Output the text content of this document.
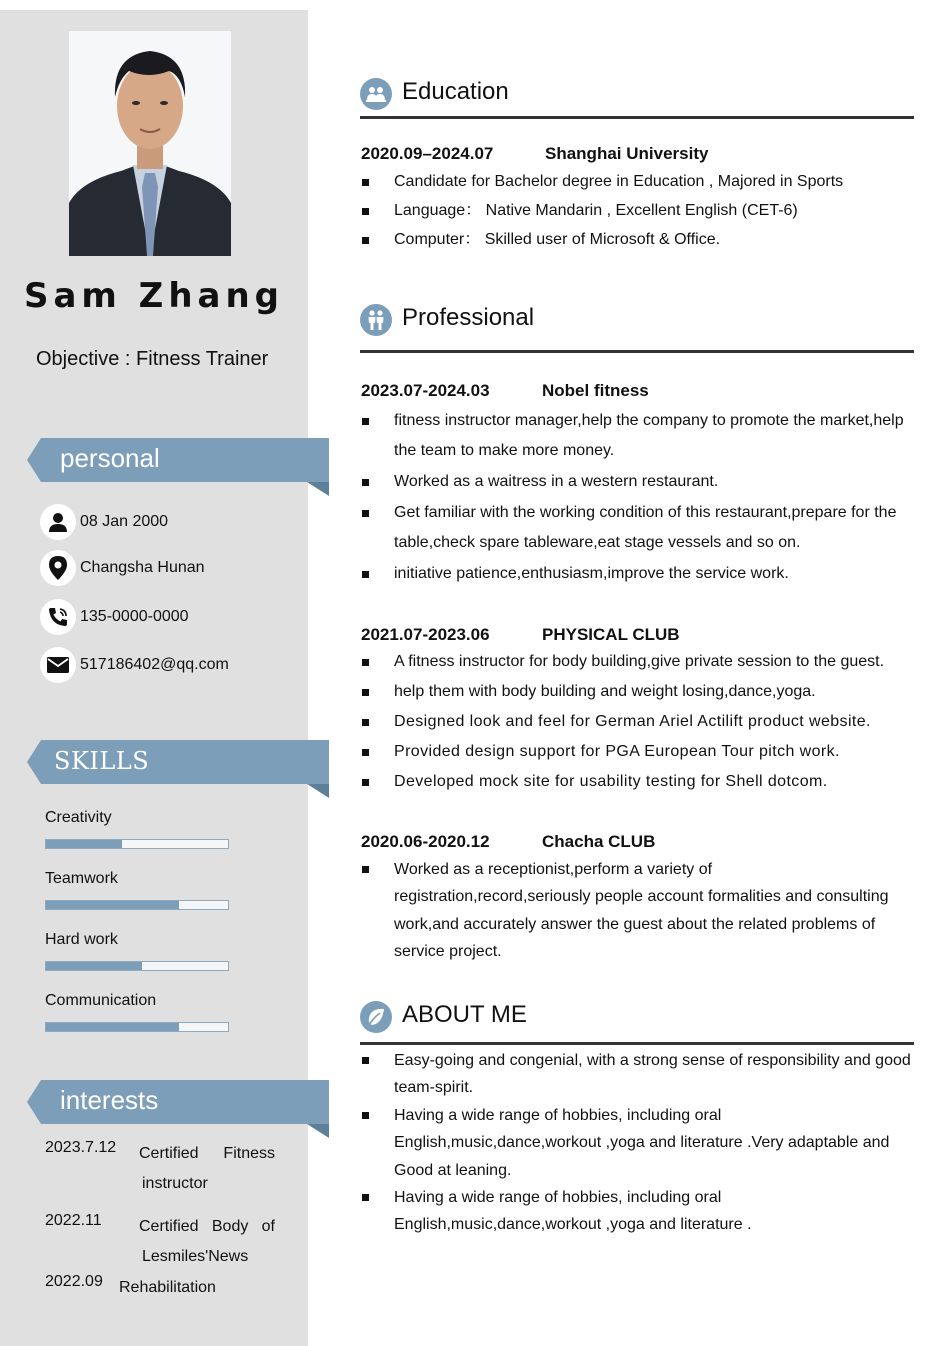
Sam Zhang
Objective : Fitness Trainer
personal
08 Jan 2000
Changsha Hunan
135-0000-0000
517186402@qq.com
SKILLS
Creativity
Teamwork
Hard work
Communication
interests
2023.7.12 Certified Fitness
instructor
2022.11 Certified Body of
Lesmiles'News
2022.09 Rehabilitation
Education
2020.09–2024.07	Shanghai University
Candidate for Bachelor degree in Education , Majored in Sports
Language： Native Mandarin , Excellent English (CET-6)
Computer： Skilled user of Microsoft & Office.
Professional
2023.07-2024.03	Nobel fitness
fitness instructor manager,help the company to promote the market,help the team to make more money.
Worked as a waitress in a western restaurant.
Get familiar with the working condition of this restaurant,prepare for the table,check spare tableware,eat stage vessels and so on.
initiative patience,enthusiasm,improve the service work.
2021.07-2023.06	PHYSICAL CLUB
A fitness instructor for body building,give private session to the guest.
help them with body building and weight losing,dance,yoga.
Designed look and feel for German Ariel Actilift product website.
Provided design support for PGA European Tour pitch work.
Developed mock site for usability testing for Shell dotcom.
2020.06-2020.12	Chacha CLUB
Worked as a receptionist,perform a variety of registration,record,seriously people account formalities and consulting work,and accurately answer the guest about the related problems of service project.
ABOUT ME
Easy-going and congenial, with a strong sense of responsibility and good team-spirit.
Having a wide range of hobbies, including oral English,music,dance,workout ,yoga and literature .Very adaptable and Good at leaning.
Having a wide range of hobbies, including oral English,music,dance,workout ,yoga and literature .
